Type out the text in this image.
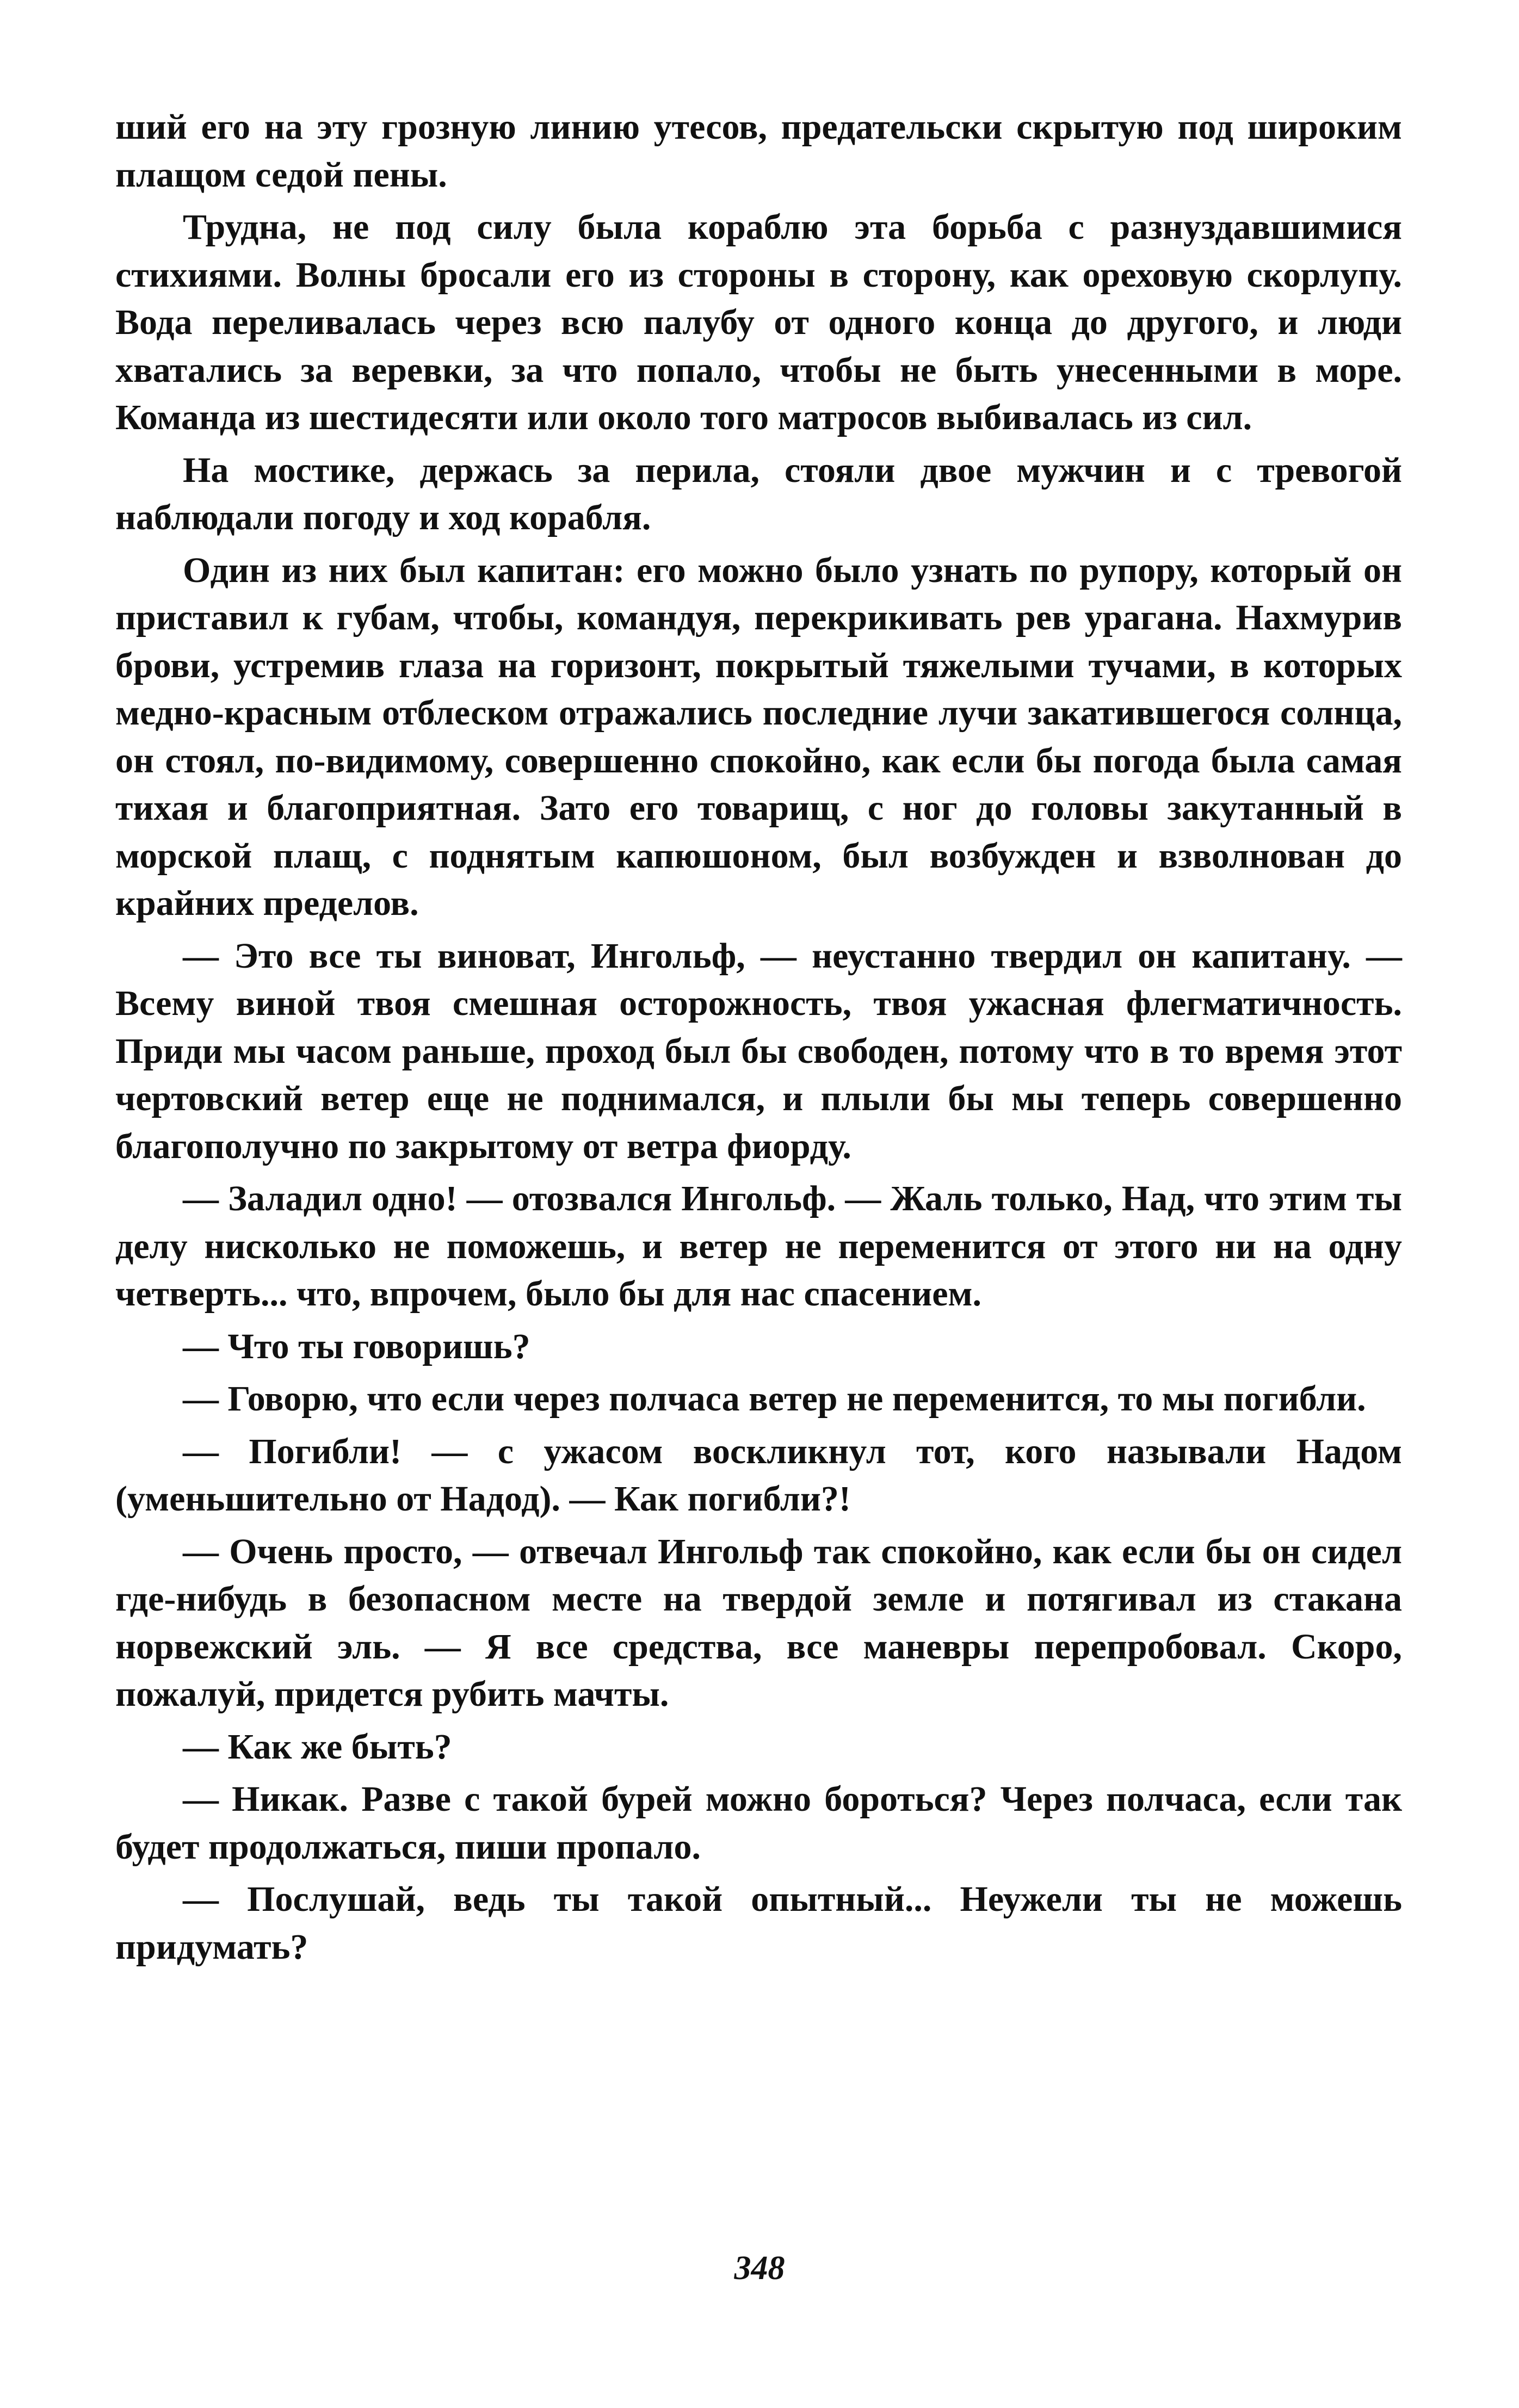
ший его на эту грозную линию утесов, предательски скрытую под широким плащом седой пены.

Трудна, не под силу была кораблю эта борьба с разнуздавшимися стихиями. Волны бросали его из стороны в сторону, как ореховую скорлупу. Вода переливалась через всю палубу от одного конца до другого, и люди хватались за веревки, за что попало, чтобы не быть унесенными в море. Команда из шестидесяти или около того матросов выбивалась из сил.

На мостике, держась за перила, стояли двое мужчин и с тревогой наблюдали погоду и ход корабля.

Один из них был капитан: его можно было узнать по рупору, который он приставил к губам, чтобы, командуя, перекрикивать рев урагана. Нахмурив брови, устремив глаза на горизонт, покрытый тяжелыми тучами, в которых медно-красным отблеском отражались последние лучи закатившегося солнца, он стоял, по-видимому, совершенно спокойно, как если бы погода была самая тихая и благоприятная. Зато его товарищ, с ног до головы закутанный в морской плащ, с поднятым капюшоном, был возбужден и взволнован до крайних пределов.

— Это все ты виноват, Ингольф, — неустанно твердил он капитану. — Всему виной твоя смешная осторожность, твоя ужасная флегматичность. Приди мы часом раньше, проход был бы свободен, потому что в то время этот чертовский ветер еще не поднимался, и плыли бы мы теперь совершенно благополучно по закрытому от ветра фиорду.

— Заладил одно! — отозвался Ингольф. — Жаль только, Над, что этим ты делу нисколько не поможешь, и ветер не переменится от этого ни на одну четверть... что, впрочем, было бы для нас спасением.

— Что ты говоришь?

— Говорю, что если через полчаса ветер не переменится, то мы погибли.

— Погибли! — с ужасом воскликнул тот, кого называли Надом (уменьшительно от Надод). — Как погибли?!

— Очень просто, — отвечал Ингольф так спокойно, как если бы он сидел где-нибудь в безопасном месте на твердой земле и потягивал из стакана норвежский эль. — Я все средства, все маневры перепробовал. Скоро, пожалуй, придется рубить мачты.

— Как же быть?

— Никак. Разве с такой бурей можно бороться? Через полчаса, если так будет продолжаться, пиши пропало.

— Послушай, ведь ты такой опытный... Неужели ты не можешь придумать?

348
